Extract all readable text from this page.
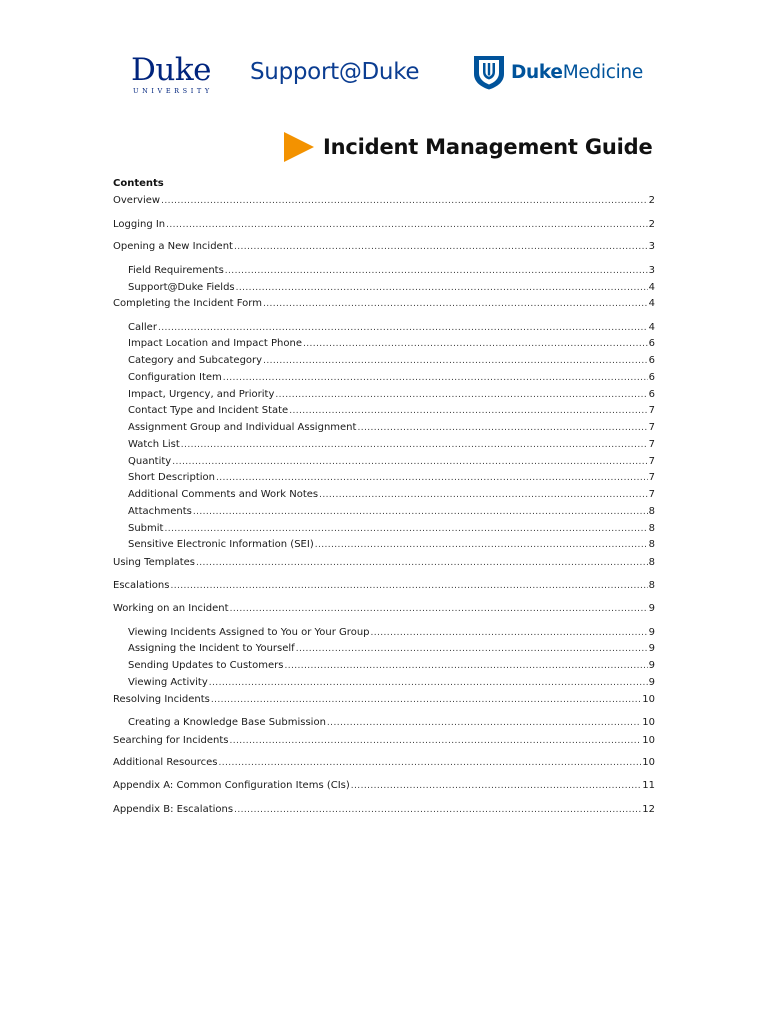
Duke
UNIVERSITY
Support@Duke	DukeMedicine
Incident Management Guide

Contents

Overview .....	2
Logging In .....	2
Opening a New Incident .....	3
Field Requirements .....	3
Support@Duke Fields .....	4
Completing the Incident Form .....	4
Caller .....	4
Impact Location and Impact Phone .....	6
Category and Subcategory .....	6
Configuration Item .....	6
Impact, Urgency, and Priority .....	6
Contact Type and Incident State .....	7
Assignment Group and Individual Assignment .....	7
Watch List .....	7
Quantity .....	7
Short Description .....	7
Additional Comments and Work Notes .....	7
Attachments .....	8
Submit .....	8
Sensitive Electronic Information (SEI) .....	8
Using Templates .....	8
Escalations .....	8
Working on an Incident .....	9
Viewing Incidents Assigned to You or Your Group .....	9
Assigning the Incident to Yourself .....	9
Sending Updates to Customers .....	9
Viewing Activity .....	9
Resolving Incidents .....	10
Creating a Knowledge Base Submission .....	10
Searching for Incidents .....	10
Additional Resources .....	10
Appendix A: Common Configuration Items (CIs) .....	11
Appendix B: Escalations .....	12
